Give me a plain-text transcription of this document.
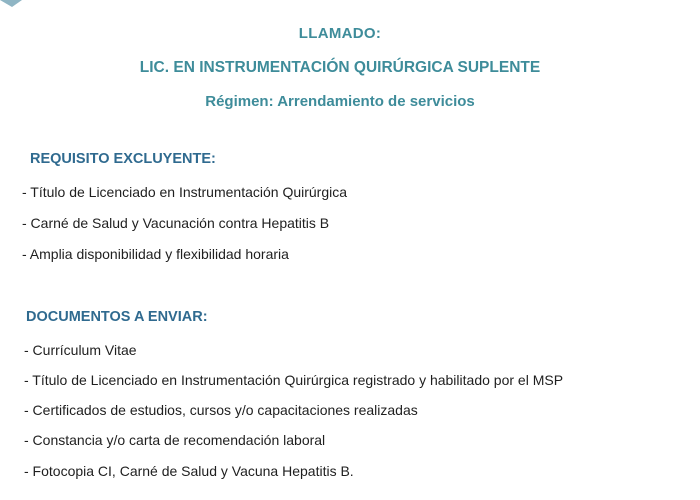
LLAMADO:
LIC. EN INSTRUMENTACIÓN QUIRÚRGICA SUPLENTE
Régimen: Arrendamiento de servicios
REQUISITO EXCLUYENTE:
- Título de Licenciado en Instrumentación Quirúrgica
- Carné de Salud y Vacunación contra Hepatitis B
- Amplia disponibilidad y flexibilidad horaria
DOCUMENTOS A ENVIAR:
- Currículum Vitae
- Título de Licenciado en Instrumentación Quirúrgica registrado y habilitado por el MSP
- Certificados de estudios, cursos y/o capacitaciones realizadas
- Constancia y/o carta de recomendación laboral
- Fotocopia CI, Carné de Salud y Vacuna Hepatitis B.
